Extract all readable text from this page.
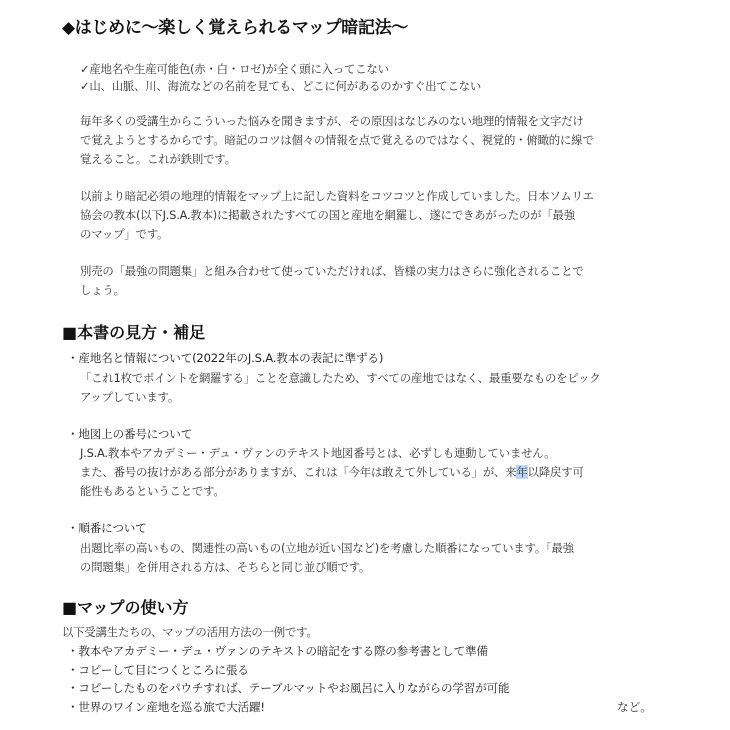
◆はじめに～楽しく覚えられるマップ暗記法～

✓産地名や生産可能色(赤・白・ロゼ)が全く頭に入ってこない

✓山、山脈、川、海流などの名前を見ても、どこに何があるのかすぐ出てこない

毎年多くの受講生からこういった悩みを聞きますが、その原因はなじみのない地理的情報を文字だけ
で覚えようとするからです。暗記のコツは個々の情報を点で覚えるのではなく、視覚的・俯瞰的に線で
覚えること。これが鉄則です。
以前より暗記必須の地理的情報をマップ上に記した資料をコツコツと作成していました。日本ソムリエ
協会の教本(以下J.S.A.教本)に掲載されたすべての国と産地を網羅し、遂にできあがったのが「最強
のマップ」です。
別売の「最強の問題集」と組み合わせて使っていただければ、皆様の実力はさらに強化されることで
しょう。
■本書の見方・補足

・産地名と情報について(2022年のJ.S.A.教本の表記に準ずる)

「これ1枚でポイントを網羅する」ことを意識したため、すべての産地ではなく、最重要なものをピック
アップしています。

・地図上の番号について

J.S.A.教本やアカデミー・デュ・ヴァンのテキスト地図番号とは、必ずしも連動していません。
また、番号の抜けがある部分がありますが、これは「今年は敢えて外している」が、来年以降戻す可
能性もあるということです。

・順番について

出題比率の高いもの、関連性の高いもの(立地が近い国など)を考慮した順番になっています。「最強
の問題集」を併用される方は、そちらと同じ並び順です。
■マップの使い方

以下受講生たちの、マップの活用方法の一例です。

・教本やアカデミー・デュ・ヴァンのテキストの暗記をする際の参考書として準備

・コピーして目につくところに張る

・コピーしたものをパウチすれば、テーブルマットやお風呂に入りながらの学習が可能

・世界のワイン産地を巡る旅で大活躍!	など。
